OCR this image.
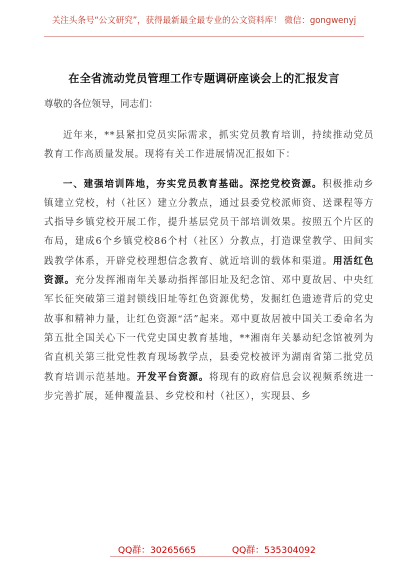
关注头条号“公文研究”，获得最新最全最专业的公文资料库！ 微信：gongwenyj
在全省流动党员管理工作专题调研座谈会上的汇报发言
尊敬的各位领导，同志们：

近年来，**县紧扣党员实际需求，抓实党员教育培训，持续推动党员教育工作高质量发展。现将有关工作进展情况汇报如下：

一、建强培训阵地，夯实党员教育基础。深挖党校资源。积极推动乡镇建立党校，村（社区）建立分教点，通过县委党校派师资、送课程等方式指导乡镇党校开展工作，提升基层党员干部培训效果。按照五个片区的布局，建成6个乡镇党校86个村（社区）分教点，打造课堂教学、田间实践教学体系，开辟党校理想信念教育、就近培训的载体和渠道。用活红色资源。充分发挥湘南年关暴动指挥部旧址及纪念馆、邓中夏故居、中央红军长征突破第三道封锁线旧址等红色资源优势，发掘红色遗迹背后的党史故事和精神力量，让红色资源“活”起来。邓中夏故居被中国关工委命名为第五批全国关心下一代党史国史教育基地，**湘南年关暴动纪念馆被列为省直机关第三批党性教育现场教学点，县委党校被评为湖南省第二批党员教育培训示范基地。开发平台资源。将现有的政府信息会议视频系统进一步完善扩展，延伸覆盖县、乡党校和村（社区），实现县、乡

QQ群：30265665	QQ群：535304092
